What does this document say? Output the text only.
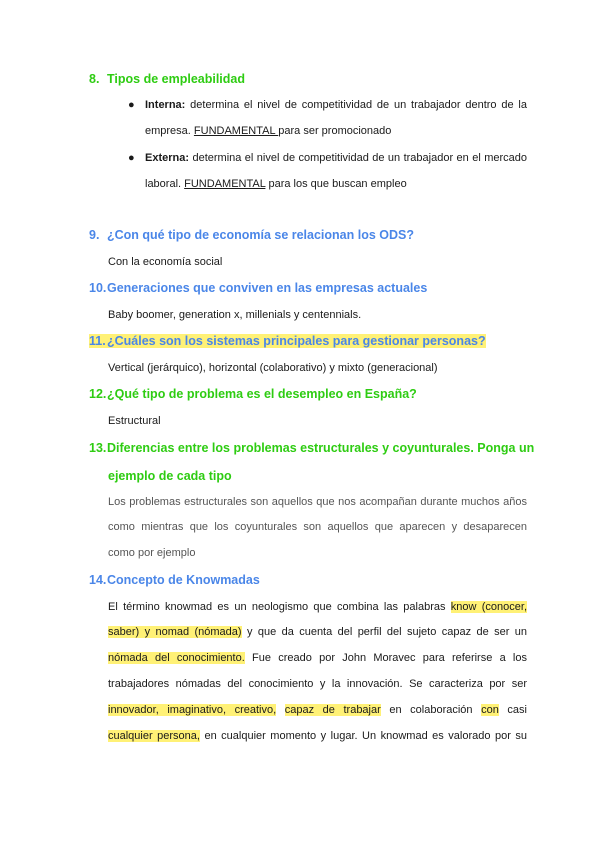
8. Tipos de empleabilidad
● Interna: determina el nivel de competitividad de un trabajador dentro de la
empresa. FUNDAMENTAL para ser promocionado
● Externa: determina el nivel de competitividad de un trabajador en el mercado
laboral. FUNDAMENTAL para los que buscan empleo
9. ¿Con qué tipo de economía se relacionan los ODS?
Con la economía social
10.Generaciones que conviven en las empresas actuales
Baby boomer, generation x, millenials y centennials.
11.¿Cuáles son los sistemas principales para gestionar personas?
Vertical (jerárquico), horizontal (colaborativo) y mixto (generacional)
12.¿Qué tipo de problema es el desempleo en España?
Estructural
13.Diferencias entre los problemas estructurales y coyunturales. Ponga un
ejemplo de cada tipo
Los problemas estructurales son aquellos que nos acompañan durante muchos años
como mientras que los coyunturales son aquellos que aparecen y desaparecen
como por ejemplo
14.Concepto de Knowmadas
El término knowmad es un neologismo que combina las palabras know (conocer,
saber) y nomad (nómada) y que da cuenta del perfil del sujeto capaz de ser un
nómada del conocimiento. Fue creado por John Moravec para referirse a los
trabajadores nómadas del conocimiento y la innovación. Se caracteriza por ser
innovador, imaginativo, creativo, capaz de trabajar en colaboración con casi
cualquier persona, en cualquier momento y lugar. Un knowmad es valorado por su
